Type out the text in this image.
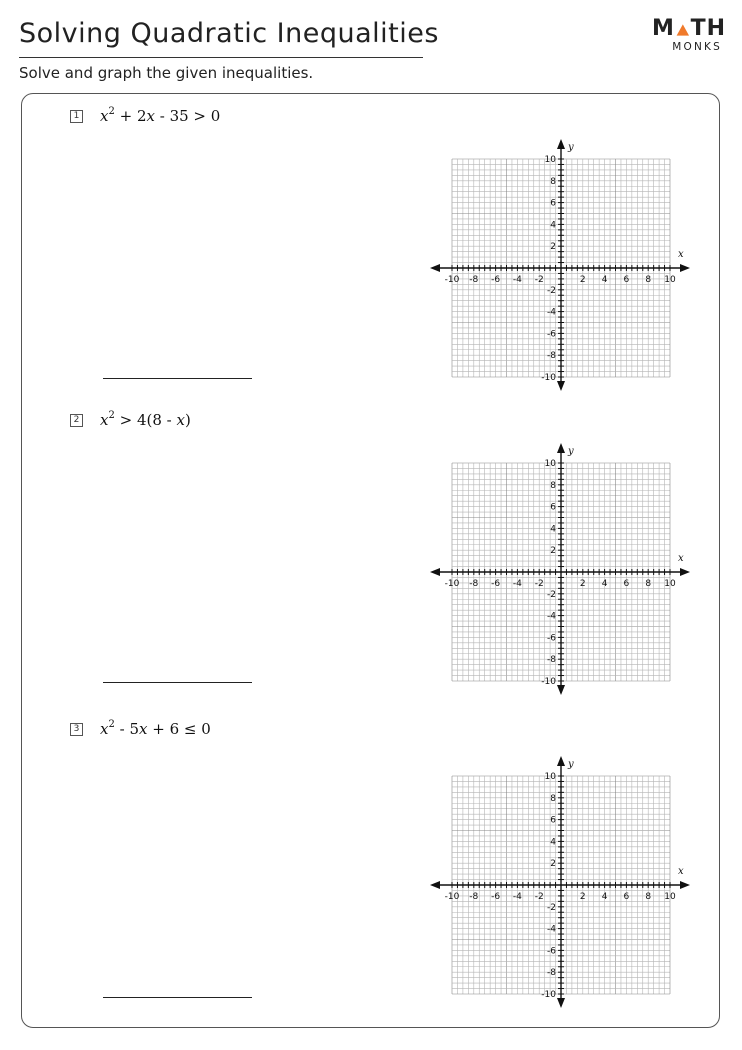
Solving Quadratic Inequalities	M TH
MONKS
Solve and graph the given inequalities.
1 $x^2 + 2x - 35 > 0$
-10 -8 -6 -4 -2	2 4 6 8 10
10
8
6
4
2
-2
-4
-6
-8
-10
x
y
2 $x^2 > 4(8 - x)$
-10 -8 -6 -4 -2	2 4 6 8 10
10
8
6
4
2
-2
-4
-6
-8
-10
x
y
3 $x^2 - 5x + 6 \le 0$
-10 -8 -6 -4 -2	2 4 6 8 10
10
8
6
4
2
-2
-4
-6
-8
-10
x
y
